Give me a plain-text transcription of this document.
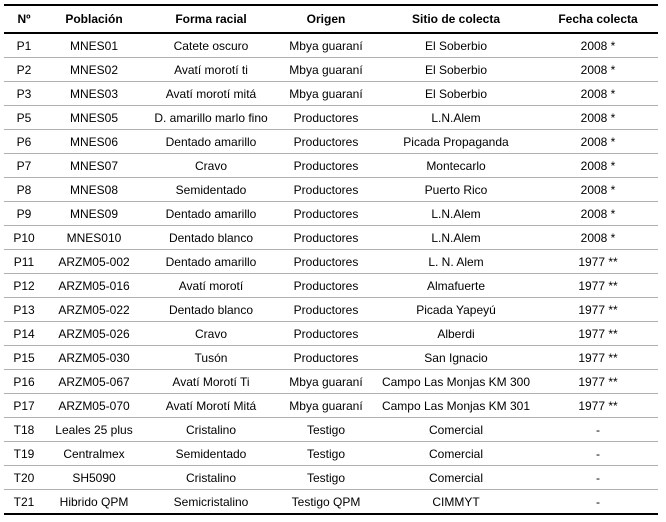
Nº	Población	Forma racial	Origen	Sitio de colecta	Fecha colecta
P1	MNES01	Catete oscuro	Mbya guaraní	El Soberbio	2008 *
P2	MNES02	Avatí morotí ti	Mbya guaraní	El Soberbio	2008 *
P3	MNES03	Avatí morotí mitá	Mbya guaraní	El Soberbio	2008 *
P5	MNES05	D. amarillo marlo fino	Productores	L.N.Alem	2008 *
P6	MNES06	Dentado amarillo	Productores	Picada Propaganda	2008 *
P7	MNES07	Cravo	Productores	Montecarlo	2008 *
P8	MNES08	Semidentado	Productores	Puerto Rico	2008 *
P9	MNES09	Dentado amarillo	Productores	L.N.Alem	2008 *
P10	MNES010	Dentado blanco	Productores	L.N.Alem	2008 *
P11	ARZM05-002	Dentado amarillo	Productores	L. N. Alem	1977 **
P12	ARZM05-016	Avatí morotí	Productores	Almafuerte	1977 **
P13	ARZM05-022	Dentado blanco	Productores	Picada Yapeyú	1977 **
P14	ARZM05-026	Cravo	Productores	Alberdi	1977 **
P15	ARZM05-030	Tusón	Productores	San Ignacio	1977 **
P16	ARZM05-067	Avatí Morotí Ti	Mbya guaraní	Campo Las Monjas KM 300	1977 **
P17	ARZM05-070	Avatí Morotí Mitá	Mbya guaraní	Campo Las Monjas KM 301	1977 **
T18	Leales 25 plus	Cristalino	Testigo	Comercial	-
T19	Centralmex	Semidentado	Testigo	Comercial	-
T20	SH5090	Cristalino	Testigo	Comercial	-
T21	Hibrido QPM	Semicristalino	Testigo QPM	CIMMYT	-
